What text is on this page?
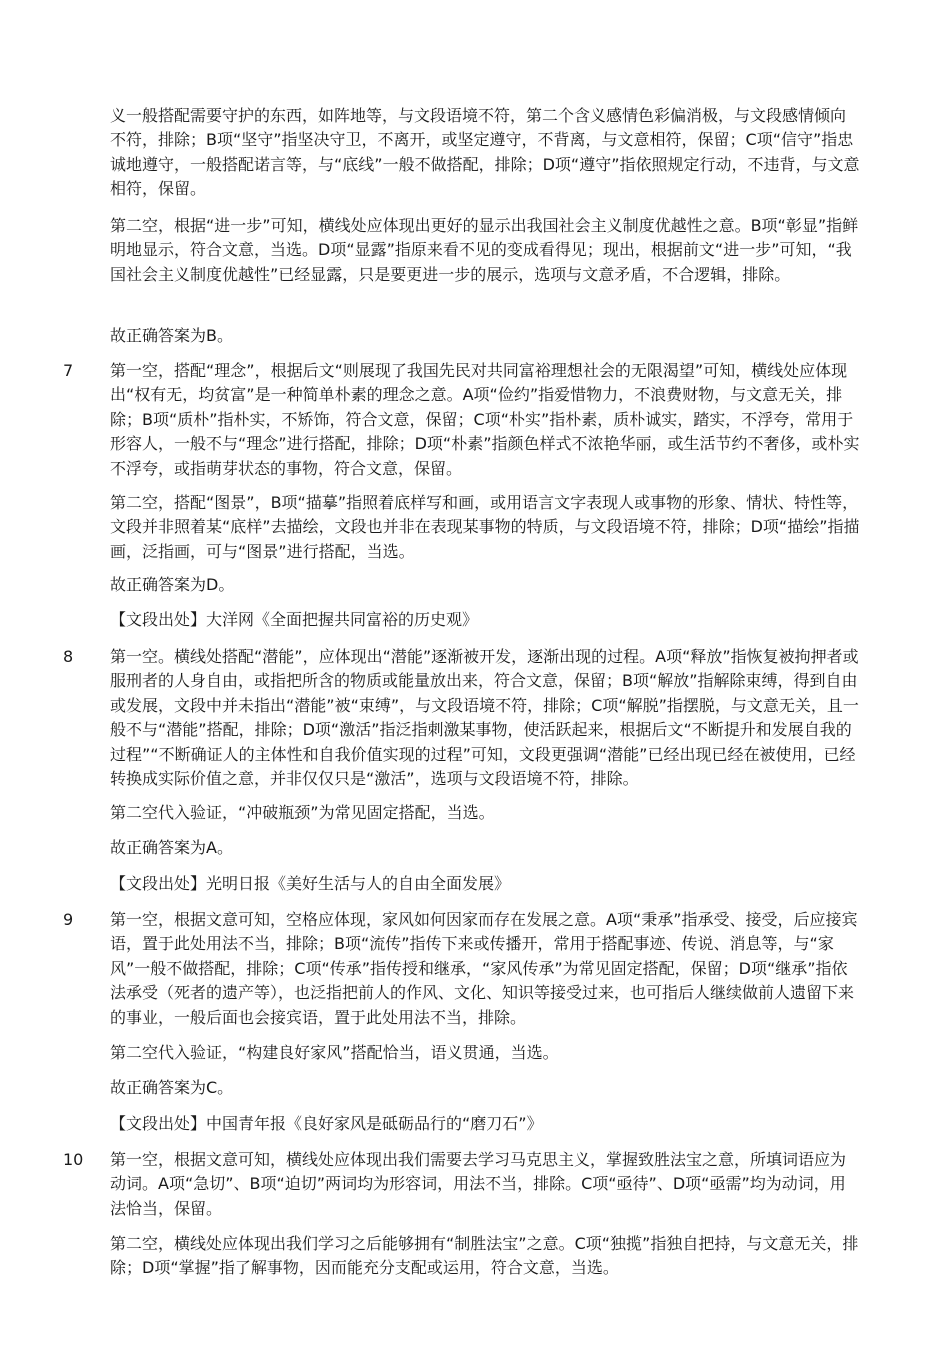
义一般搭配需要守护的东西，如阵地等，与文段语境不符，第二个含义感情色彩偏消极，与文段感情倾向不符，排除；B项“坚守”指坚决守卫，不离开，或坚定遵守，不背离，与文意相符，保留；C项“信守”指忠诚地遵守，一般搭配诺言等，与“底线”一般不做搭配，排除；D项“遵守”指依照规定行动，不违背，与文意相符，保留。

第二空，根据“进一步”可知，横线处应体现出更好的显示出我国社会主义制度优越性之意。B项“彰显”指鲜明地显示，符合文意，当选。D项“显露”指原来看不见的变成看得见；现出，根据前文“进一步”可知，“我国社会主义制度优越性”已经显露，只是要更进一步的展示，选项与文意矛盾，不合逻辑，排除。

故正确答案为B。

7 第一空，搭配“理念”，根据后文“则展现了我国先民对共同富裕理想社会的无限渴望”可知，横线处应体现出“权有无，均贫富”是一种简单朴素的理念之意。A项“俭约”指爱惜物力，不浪费财物，与文意无关，排除；B项“质朴”指朴实，不矫饰，符合文意，保留；C项“朴实”指朴素，质朴诚实，踏实，不浮夸，常用于形容人，一般不与“理念”进行搭配，排除；D项“朴素”指颜色样式不浓艳华丽，或生活节约不奢侈，或朴实不浮夸，或指萌芽状态的事物，符合文意，保留。

第二空，搭配“图景”，B项“描摹”指照着底样写和画，或用语言文字表现人或事物的形象、情状、特性等，文段并非照着某“底样”去描绘，文段也并非在表现某事物的特质，与文段语境不符，排除；D项“描绘”指描画，泛指画，可与“图景”进行搭配，当选。

故正确答案为D。

【文段出处】大洋网《全面把握共同富裕的历史观》

8 第一空。横线处搭配“潜能”，应体现出“潜能”逐渐被开发，逐渐出现的过程。A项“释放”指恢复被拘押者或服刑者的人身自由，或指把所含的物质或能量放出来，符合文意，保留；B项“解放”指解除束缚，得到自由或发展，文段中并未指出“潜能”被“束缚”，与文段语境不符，排除；C项“解脱”指摆脱，与文意无关，且一般不与“潜能”搭配，排除；D项“激活”指泛指刺激某事物，使活跃起来，根据后文“不断提升和发展自我的过程”“不断确证人的主体性和自我价值实现的过程”可知，文段更强调“潜能”已经出现已经在被使用，已经转换成实际价值之意，并非仅仅只是“激活”，选项与文段语境不符，排除。

第二空代入验证，“冲破瓶颈”为常见固定搭配，当选。

故正确答案为A。

【文段出处】光明日报《美好生活与人的自由全面发展》

9 第一空，根据文意可知，空格应体现，家风如何因家而存在发展之意。A项“秉承”指承受、接受，后应接宾语，置于此处用法不当，排除；B项“流传”指传下来或传播开，常用于搭配事迹、传说、消息等，与“家风”一般不做搭配，排除；C项“传承”指传授和继承，“家风传承”为常见固定搭配，保留；D项“继承”指依法承受（死者的遗产等），也泛指把前人的作风、文化、知识等接受过来，也可指后人继续做前人遗留下来的事业，一般后面也会接宾语，置于此处用法不当，排除。

第二空代入验证，“构建良好家风”搭配恰当，语义贯通，当选。

故正确答案为C。

【文段出处】中国青年报《良好家风是砥砺品行的“磨刀石”》

10 第一空，根据文意可知，横线处应体现出我们需要去学习马克思主义，掌握致胜法宝之意，所填词语应为动词。A项“急切”、B项“迫切”两词均为形容词，用法不当，排除。C项“亟待”、D项“亟需”均为动词，用法恰当，保留。

第二空，横线处应体现出我们学习之后能够拥有“制胜法宝”之意。C项“独揽”指独自把持，与文意无关，排除；D项“掌握”指了解事物，因而能充分支配或运用，符合文意，当选。
